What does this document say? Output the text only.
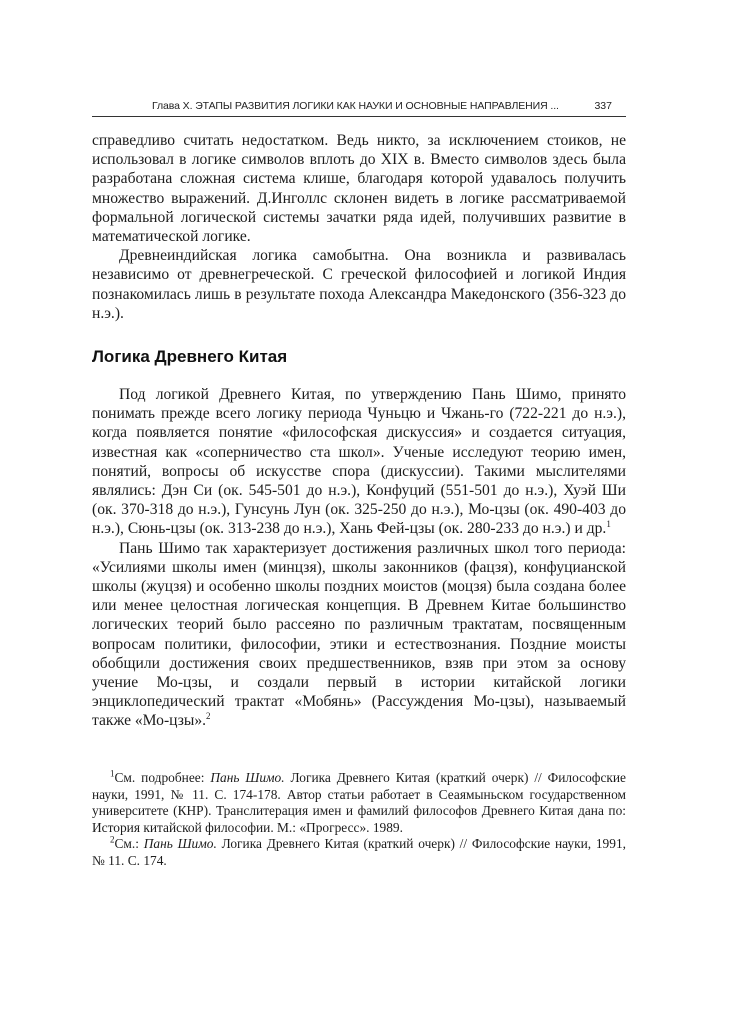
Глава X. ЭТАПЫ РАЗВИТИЯ ЛОГИКИ КАК НАУКИ И ОСНОВНЫЕ НАПРАВЛЕНИЯ ...	337

справедливо считать недостатком. Ведь никто, за исключением стоиков, не использовал в логике символов вплоть до XIX в. Вместо символов здесь была разработана сложная система клише, благодаря которой удавалось получить множество выражений. Д.Инголлс склонен видеть в логике рассматриваемой формальной логической системы зачатки ряда идей, получивших развитие в математической логике.

Древнеиндийская логика самобытна. Она возникла и развивалась независимо от древнегреческой. С греческой философией и логикой Индия познакомилась лишь в результате похода Александра Македонского (356-323 до н.э.).

Логика Древнего Китая

Под логикой Древнего Китая, по утверждению Пань Шимо, принято понимать прежде всего логику периода Чуньцю и Чжань-го (722-221 до н.э.), когда появляется понятие «философская дискуссия» и создается ситуация, известная как «соперничество ста школ». Ученые исследуют теорию имен, понятий, вопросы об искусстве спора (дискуссии). Такими мыслителями являлись: Дэн Си (ок. 545-501 до н.э.), Конфуций (551-501 до н.э.), Хуэй Ши (ок. 370-318 до н.э.), Гунсунь Лун (ок. 325-250 до н.э.), Мо-цзы (ок. 490-403 до н.э.), Сюнь-цзы (ок. 313-238 до н.э.), Хань Фей-цзы (ок. 280-233 до н.э.) и др.$^1$

Пань Шимо так характеризует достижения различных школ того периода: «Усилиями школы имен (минцзя), школы законников (фацзя), конфуцианской школы (жуцзя) и особенно школы поздних моистов (моцзя) была создана более или менее целостная логическая концепция. В Древнем Китае большинство логических теорий было рассеяно по различным трактатам, посвященным вопросам политики, философии, этики и естествознания. Поздние моисты обобщили достижения своих предшественников, взяв при этом за основу учение Мо-цзы, и создали первый в истории китайской логики энциклопедический трактат «Мобянь» (Рассуждения Мо-цзы), называемый также «Мо-цзы».$^2$

$^1$См. подробнее: Пань Шимо. Логика Древнего Китая (краткий очерк) // Философские науки, 1991, № 11. С. 174-178. Автор статьи работает в Сеаямыньском государственном университете (КНР). Транслитерация имен и фамилий философов Древнего Китая дана по: История китайской философии. М.: «Прогресс». 1989.

$^2$См.: Пань Шимо. Логика Древнего Китая (краткий очерк) // Философские науки, 1991, № 11. С. 174.
